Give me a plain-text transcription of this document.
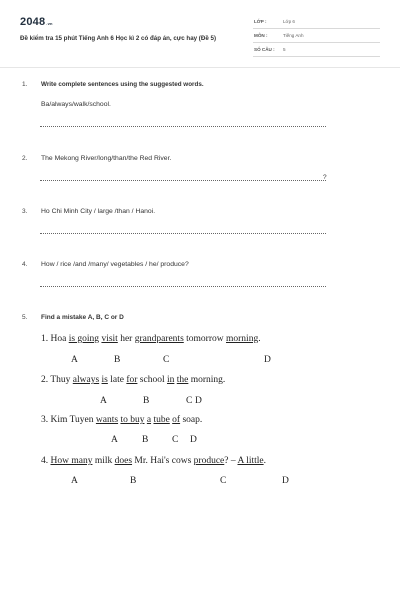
2048.vn
Đề kiểm tra 15 phút Tiếng Anh 6 Học kì 2 có đáp án, cực hay (Đề 5)
LỚP :	Lớp 6
MÔN :	Tiếng Anh
SỐ CÂU : 5
1. Write complete sentences using the suggested words.
Ba/always/walk/school.
2. The Mekong River/long/than/the Red River.
?
3. Ho Chi Minh City / large /than / Hanoi.
4. How / rice /and /many/ vegetables / he/ produce?
5. Find a mistake A, B, C or D
1. Hoa is going visit her grandparents tomorrow morning.
A	B	C	D
2. Thuy always is late for school in the morning.
A	B	C D
3. Kim Tuyen wants to buy a tube of soap.
A	B C D
4. How many milk does Mr. Hai's cows produce? – A little.
A	B	C	D
